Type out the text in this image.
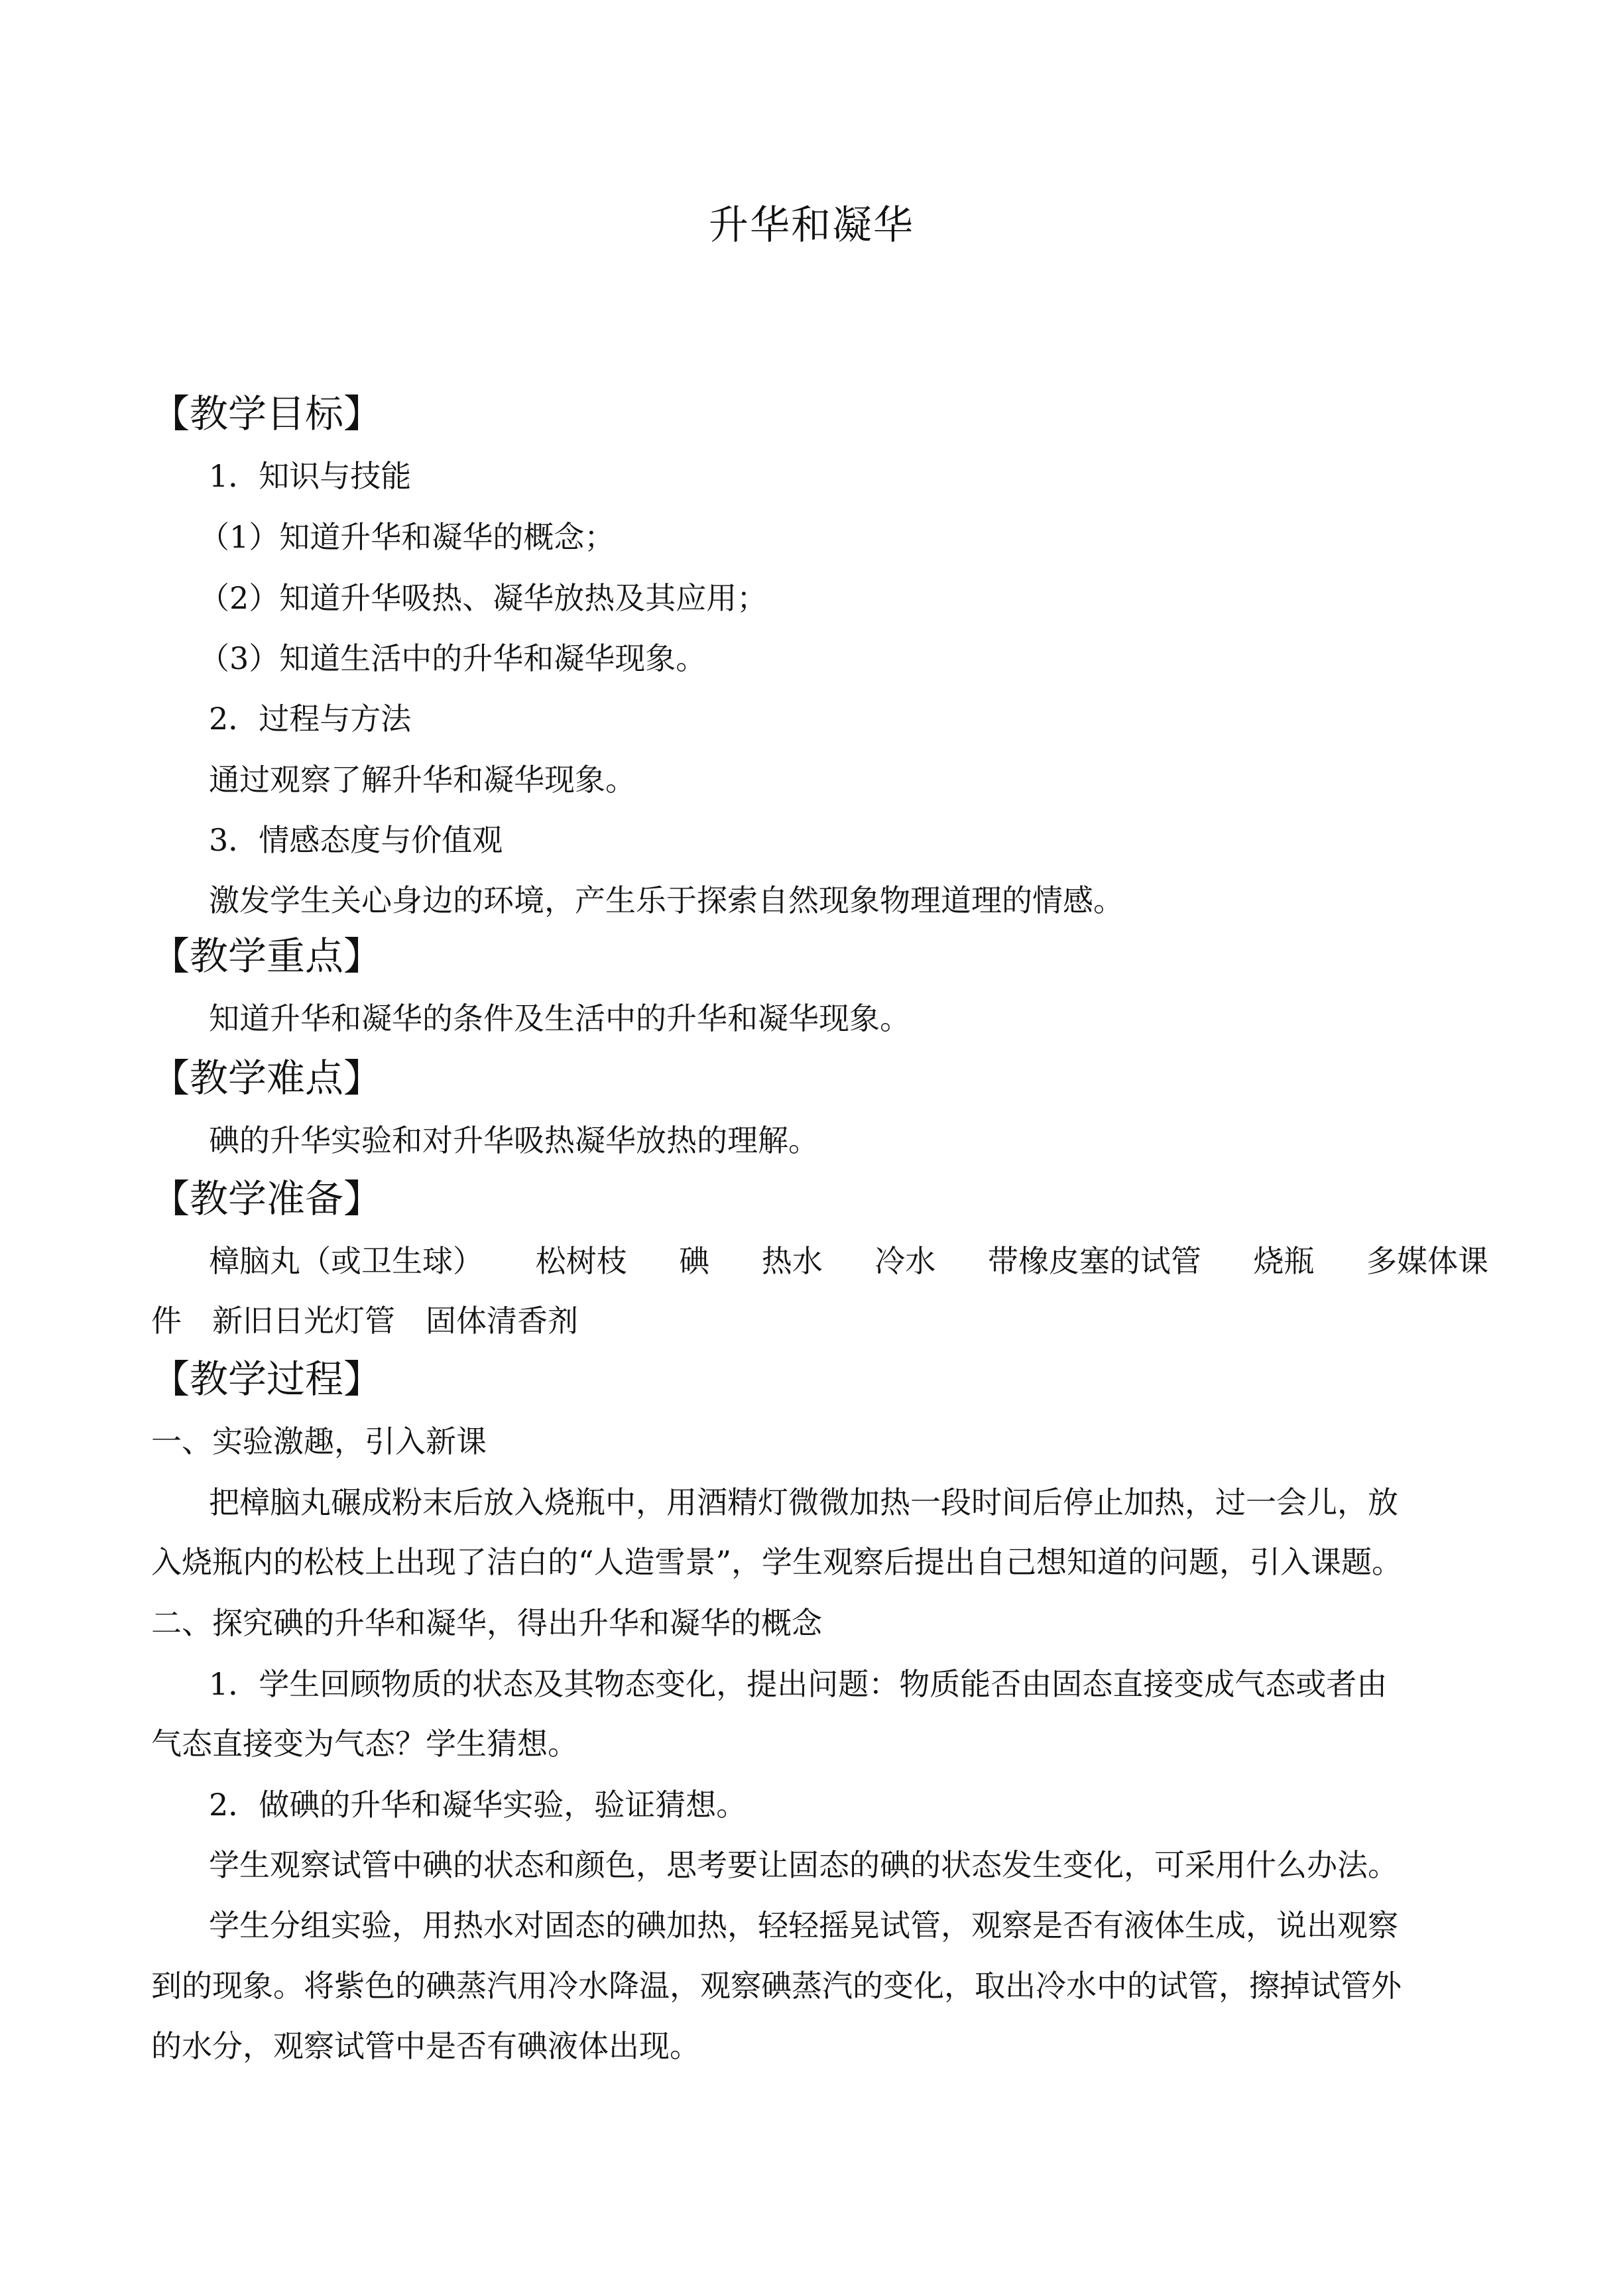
升华和凝华
【教学目标】
1．知识与技能
（1）知道升华和凝华的概念；
（2）知道升华吸热、凝华放热及其应用；
（3）知道生活中的升华和凝华现象。
2．过程与方法
通过观察了解升华和凝华现象。
3．情感态度与价值观
激发学生关心身边的环境，产生乐于探索自然现象物理道理的情感。
【教学重点】
知道升华和凝华的条件及生活中的升华和凝华现象。
【教学难点】
碘的升华实验和对升华吸热凝华放热的理解。
【教学准备】
樟脑丸（或卫生球） 松树枝 碘 热水 冷水 带橡皮塞的试管 烧瓶 多媒体课
件　新旧日光灯管　固体清香剂
【教学过程】
一、实验激趣，引入新课
把樟脑丸碾成粉末后放入烧瓶中，用酒精灯微微加热一段时间后停止加热，过一会儿，放
入烧瓶内的松枝上出现了洁白的“人造雪景”，学生观察后提出自己想知道的问题，引入课题。
二、探究碘的升华和凝华，得出升华和凝华的概念
1．学生回顾物质的状态及其物态变化，提出问题：物质能否由固态直接变成气态或者由
气态直接变为气态？学生猜想。
2．做碘的升华和凝华实验，验证猜想。
学生观察试管中碘的状态和颜色，思考要让固态的碘的状态发生变化，可采用什么办法。
学生分组实验，用热水对固态的碘加热，轻轻摇晃试管，观察是否有液体生成，说出观察
到的现象。将紫色的碘蒸汽用冷水降温，观察碘蒸汽的变化，取出冷水中的试管，擦掉试管外
的水分，观察试管中是否有碘液体出现。
